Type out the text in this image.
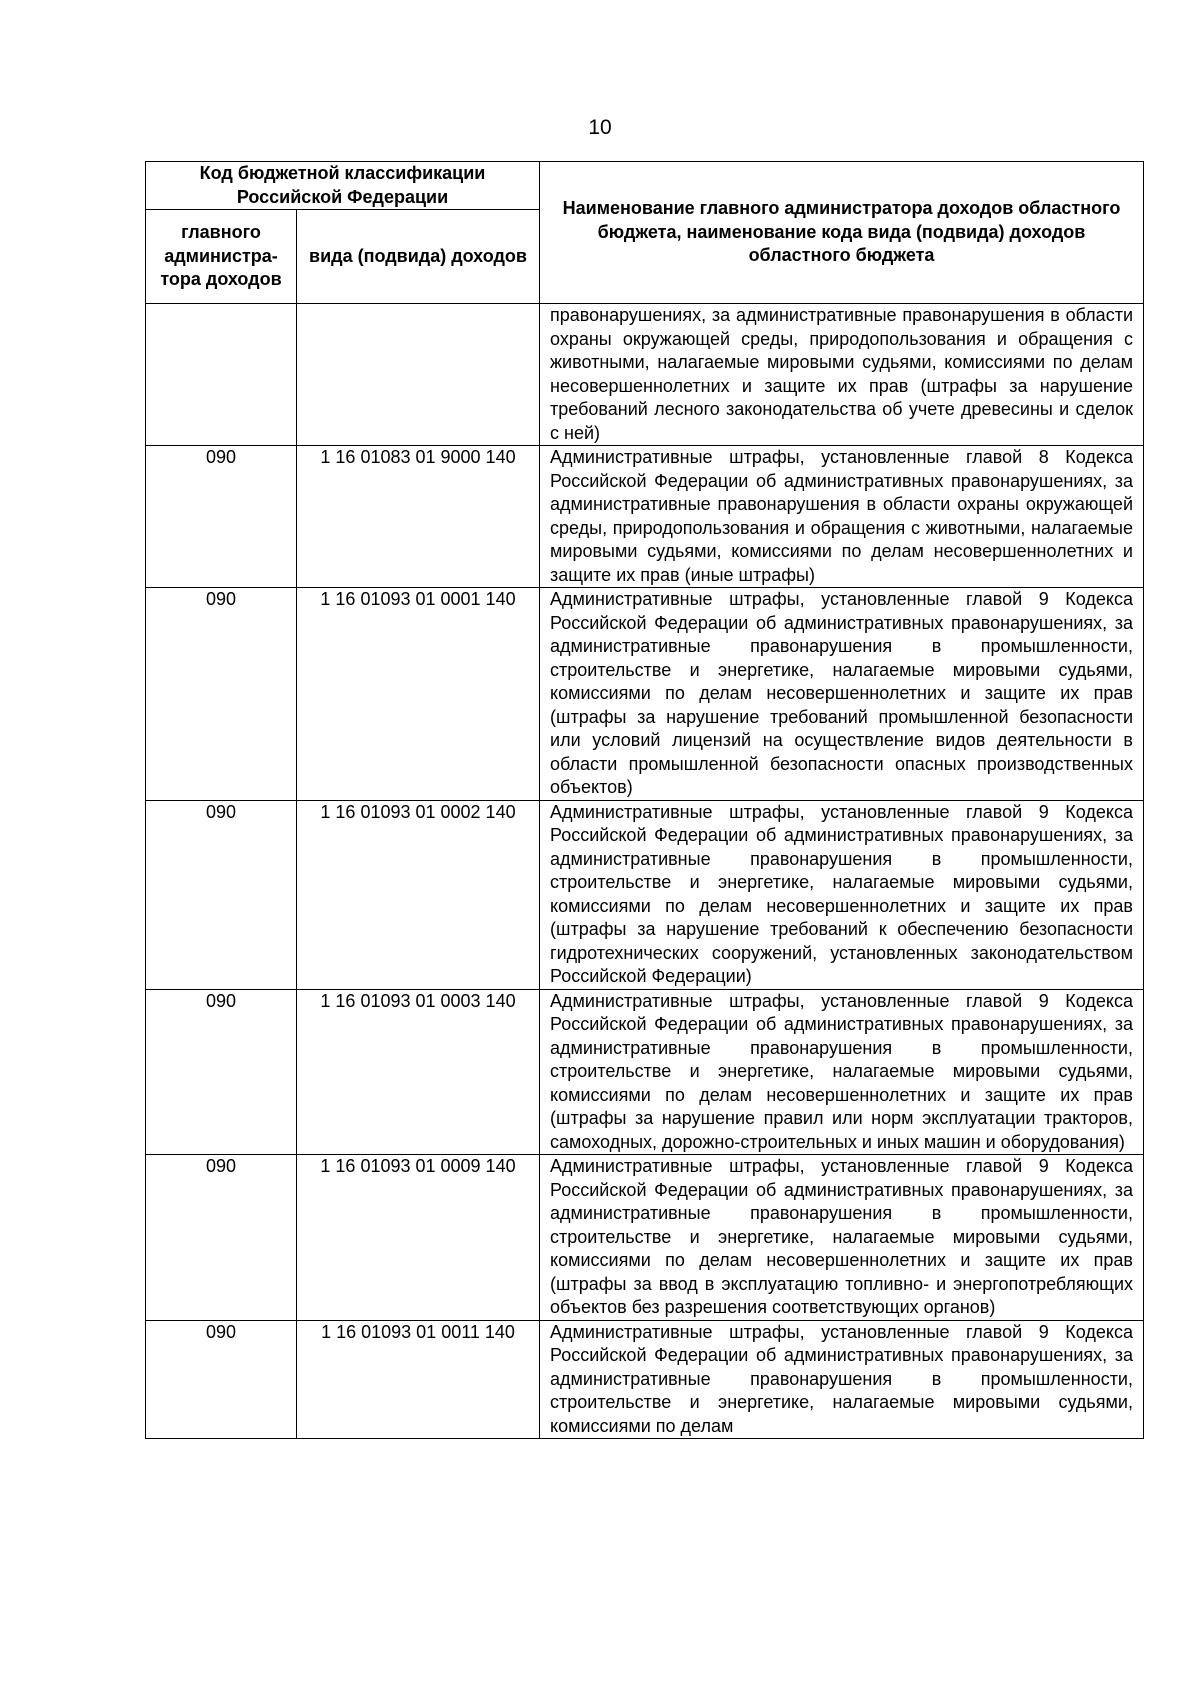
10
Код бюджетной классификации Российской Федерации		Наименование главного администратора доходов областного бюджета, наименование кода вида (подвида) доходов областного бюджета
главного администра-тора доходов	вида (подвида) доходов	
		правонарушениях, за административные правонарушения в области охраны окружающей среды, природопользования и обращения с животными, налагаемые мировыми судьями, комиссиями по делам несовершеннолетних и защите их прав (штрафы за нарушение требований лесного законодательства об учете древесины и сделок с ней)
090	1 16 01083 01 9000 140	Административные штрафы, установленные главой 8 Кодекса Российской Федерации об административных правонарушениях, за административные правонарушения в области охраны окружающей среды, природопользования и обращения с животными, налагаемые мировыми судьями, комиссиями по делам несовершеннолетних и защите их прав (иные штрафы)
090	1 16 01093 01 0001 140	Административные штрафы, установленные главой 9 Кодекса Российской Федерации об административных правонарушениях, за административные правонарушения в промышленности, строительстве и энергетике, налагаемые мировыми судьями, комиссиями по делам несовершеннолетних и защите их прав (штрафы за нарушение требований промышленной безопасности или условий лицензий на осуществление видов деятельности в области промышленной безопасности опасных производственных объектов)
090	1 16 01093 01 0002 140	Административные штрафы, установленные главой 9 Кодекса Российской Федерации об административных правонарушениях, за административные правонарушения в промышленности, строительстве и энергетике, налагаемые мировыми судьями, комиссиями по делам несовершеннолетних и защите их прав (штрафы за нарушение требований к обеспечению безопасности гидротехнических сооружений, установленных законодательством Российской Федерации)
090	1 16 01093 01 0003 140	Административные штрафы, установленные главой 9 Кодекса Российской Федерации об административных правонарушениях, за административные правонарушения в промышленности, строительстве и энергетике, налагаемые мировыми судьями, комиссиями по делам несовершеннолетних и защите их прав (штрафы за нарушение правил или норм эксплуатации тракторов, самоходных, дорожно-строительных и иных машин и оборудования)
090	1 16 01093 01 0009 140	Административные штрафы, установленные главой 9 Кодекса Российской Федерации об административных правонарушениях, за административные правонарушения в промышленности, строительстве и энергетике, налагаемые мировыми судьями, комиссиями по делам несовершеннолетних и защите их прав (штрафы за ввод в эксплуатацию топливно- и энергопотребляющих объектов без разрешения соответствующих органов)
090	1 16 01093 01 0011 140	Административные штрафы, установленные главой 9 Кодекса Российской Федерации об административных правонарушениях, за административные правонарушения в промышленности, строительстве и энергетике, налагаемые мировыми судьями, комиссиями по делам
